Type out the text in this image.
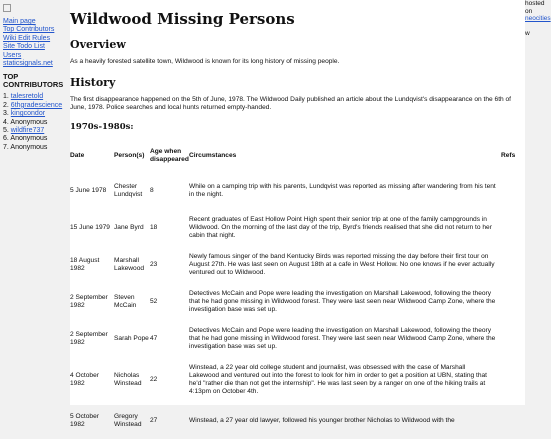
Main page
Top Contributors
Wiki Edit Rules
Site Todo List
Users
staticsignals.net
TOP CONTRIBUTORS
1. talesretold
2. 6thgradescience
3. kingcondor
4. Anonymous
5. wildfire737
6. Anonymous
7. Anonymous
Wildwood Missing Persons
Overview

As a heavily forested satellite town, Wildwood is known for its long history of missing people.

History

The first disappearance happened on the 5th of June, 1978. The Wildwood Daily published an article about the Lundqvist's disappearance on the 6th of June, 1978. Police searches and local hunts returned empty-handed.

1970s-1980s:
Date	Person(s)	Age when disappeared	Circumstances	Refs
5 June 1978	Chester Lundqvist	8	While on a camping trip with his parents, Lundqvist was reported as missing after wandering from his tent in the night.	
15 June 1979	Jane Byrd	18	Recent graduates of East Hollow Point High spent their senior trip at one of the family campgrounds in Wildwood. On the morning of the last day of the trip, Byrd's friends realised that she did not return to her cabin that night.	
18 August 1982	Marshall Lakewood	23	Newly famous singer of the band Kentucky Birds was reported missing the day before their first tour on August 27th. He was last seen on August 18th at a cafe in West Hollow. No one knows if he ever actually ventured out to Wildwood.	
2 September 1982	Steven McCain	52	Detectives McCain and Pope were leading the investigation on Marshall Lakewood, following the theory that he had gone missing in Wildwood forest. They were last seen near Wildwood Camp Zone, where the investigation base was set up.	
2 September 1982	Sarah Pope	47	Detectives McCain and Pope were leading the investigation on Marshall Lakewood, following the theory that he had gone missing in Wildwood forest. They were last seen near Wildwood Camp Zone, where the investigation base was set up.	
4 October 1982	Nicholas Winstead	22	Winstead, a 22 year old college student and journalist, was obsessed with the case of Marshall Lakewood and ventured out into the forest to look for him in order to get a position at UBN, stating that he'd "rather die than not get the internship". He was last seen by a ranger on one of the hiking trails at 4:13pm on October 4th.	
5 October 1982	Gregory Winstead	27	Winstead, a 27 year old lawyer, followed his younger brother Nicholas to Wildwood with the	
hosted on
neocities

w
